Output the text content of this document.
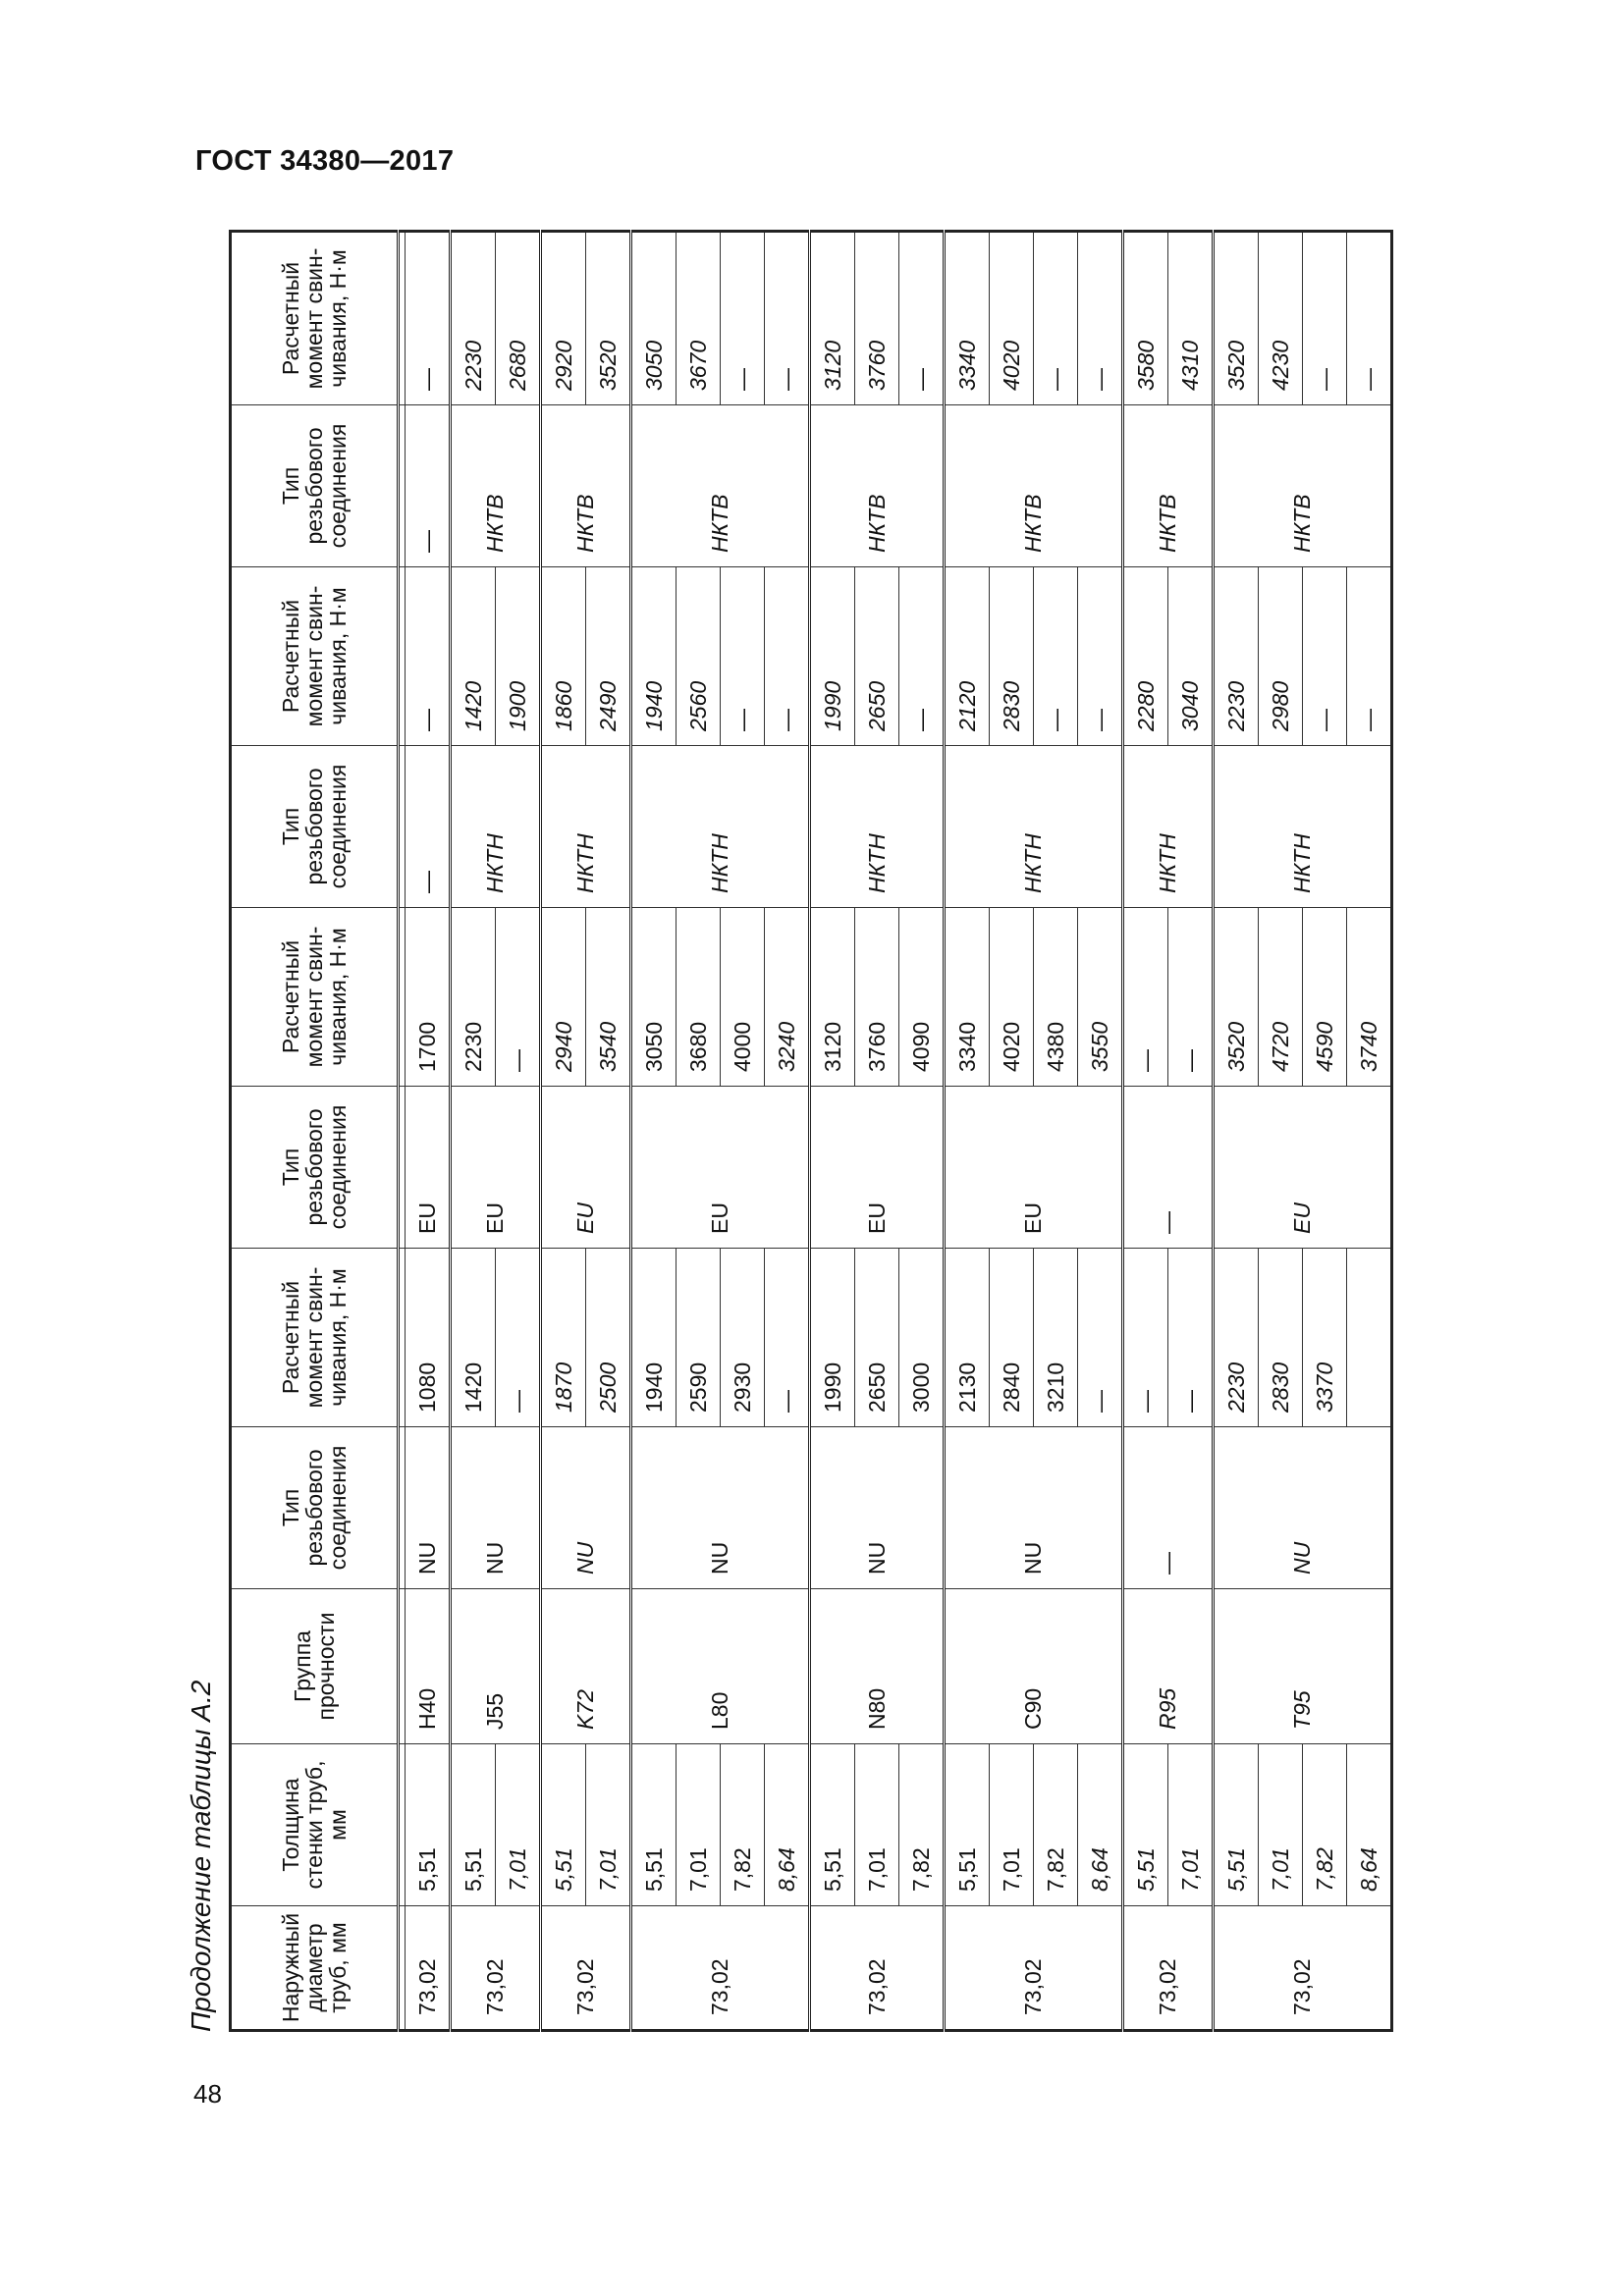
ГОСТ 34380—2017
48
Продолжение таблицы А.2	Наружный диаметр труб, мм	Толщина стенки труб, мм	Группа прочности	Тип резьбового соединения	Расчетный момент свин-чивания, Н·м	Тип резьбового соединения	Расчетный момент свин-чивания, Н·м	Тип резьбового соединения	Расчетный момент свин-чивания, Н·м	Тип резьбового соединения	Расчетный момент свин-чивания, Н·м

73,02	5,51	H40	NU	1080	EU	1700	—	—	—	—
73,02	5,51	J55	NU	1420	EU	2230	НКТН	1420	НКТВ	2230
	7,01			—		—		1900		2680
73,02	5,51	K72	NU	1870	EU	2940	НКТН	1860	НКТВ	2920
	7,01			2500		3540		2490		3520
73,02	5,51	L80	NU	1940	EU	3050	НКТН	1940	НКТВ	3050
	7,01			2590		3680		2560		3670
	7,82			2930		4000		—		—
	8,64			—		3240		—		—
73,02	5,51	N80	NU	1990	EU	3120	НКТН	1990	НКТВ	3120
	7,01			2650		3760		2650		3760
	7,82			3000		4090		—		—
73,02	5,51	C90	NU	2130	EU	3340	НКТН	2120	НКТВ	3340
	7,01			2840		4020		2830		4020
	7,82			3210		4380		—		—
	8,64			—		3550		—		—
73,02	5,51	R95	—	—	—	—	НКТН	2280	НКТВ	3580
	7,01			—		—		3040		4310
73,02	5,51	T95	NU	2230	EU	3520	НКТН	2230	НКТВ	3520
	7,01			2830		4720		2980		4230
	7,82			3370		4590		—		—
	8,64					3740		—		—
